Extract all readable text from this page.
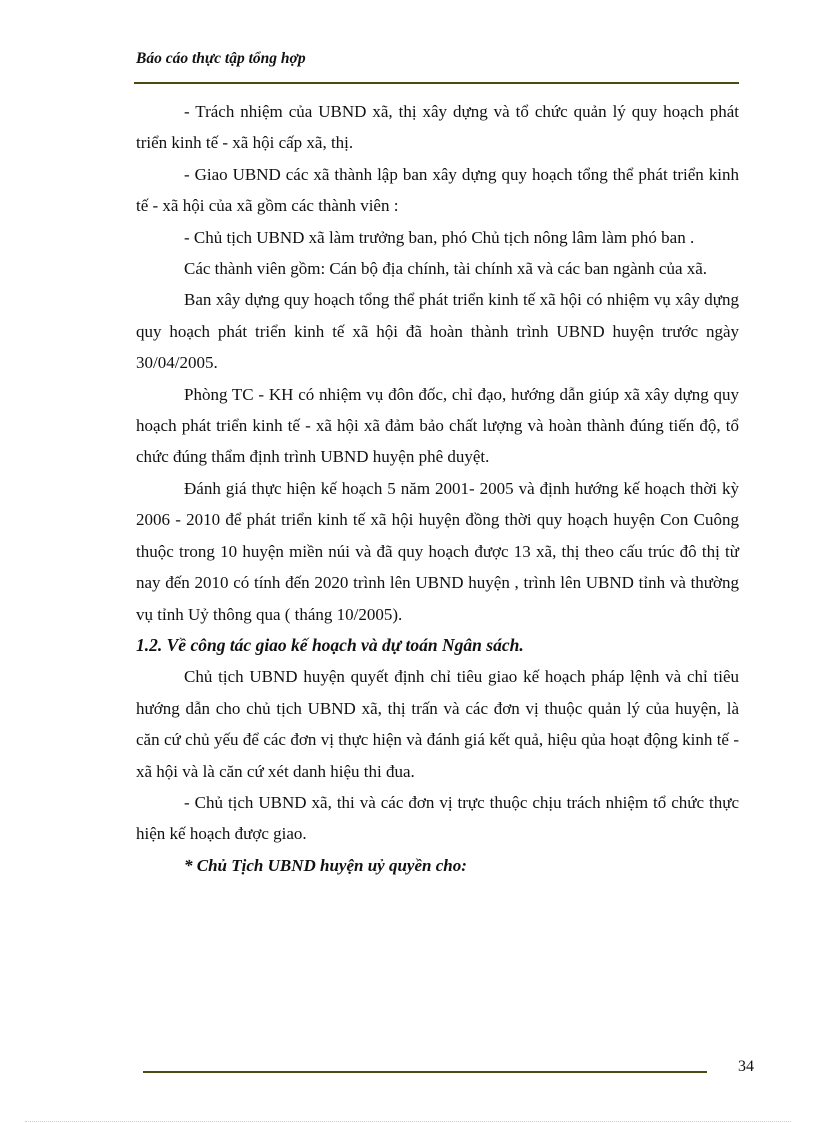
Báo cáo thực tập tổng hợp

- Trách nhiệm của UBND xã, thị xây dựng và tổ chức quản lý quy hoạch phát triển kinh tế - xã hội cấp xã, thị.

- Giao UBND các xã thành lập ban xây dựng quy hoạch tổng thể phát triển kinh tế - xã hội của xã gồm các thành viên :

- Chủ tịch UBND xã làm trưởng ban, phó Chủ tịch nông lâm làm phó ban .

Các thành viên gồm: Cán bộ địa chính, tài chính xã và các ban ngành của xã.

Ban xây dựng quy hoạch tổng thể phát triển kinh tế xã hội có nhiệm vụ xây dựng quy hoạch phát triển kinh tế xã hội đã hoàn thành trình UBND huyện trước ngày 30/04/2005.

Phòng TC - KH có nhiệm vụ đôn đốc, chỉ đạo, hướng dẫn giúp xã xây dựng quy hoạch phát triển kinh tế - xã hội xã đảm bảo chất lượng và hoàn thành đúng tiến độ, tổ chức đúng thẩm định trình UBND huyện phê duyệt.

Đánh giá thực hiện kế hoạch 5 năm 2001- 2005 và định hướng kế hoạch thời kỳ 2006 - 2010 để phát triển kinh tế xã hội huyện đồng thời quy hoạch huyện Con Cuông thuộc trong 10 huyện miền núi và đã quy hoạch được 13 xã, thị theo cấu trúc đô thị từ nay đến 2010 có tính đến 2020 trình lên UBND huyện , trình lên UBND tỉnh và thường vụ tỉnh Uỷ thông qua ( tháng 10/2005).

1.2. Về công tác giao kế hoạch và dự toán Ngân sách.

Chủ tịch UBND huyện quyết định chỉ tiêu giao kế hoạch pháp lệnh và chỉ tiêu hướng dẫn cho chủ tịch UBND xã, thị trấn và các đơn vị thuộc quản lý của huyện, là căn cứ chủ yếu để các đơn vị thực hiện và đánh giá kết quả, hiệu qủa hoạt động kinh tế - xã hội và là căn cứ xét danh hiệu thi đua.

- Chủ tịch UBND xã, thi và các đơn vị trực thuộc chịu trách nhiệm tổ chức thực hiện kế hoạch được giao.

* Chủ Tịch UBND huyện uỷ quyền cho:

34
